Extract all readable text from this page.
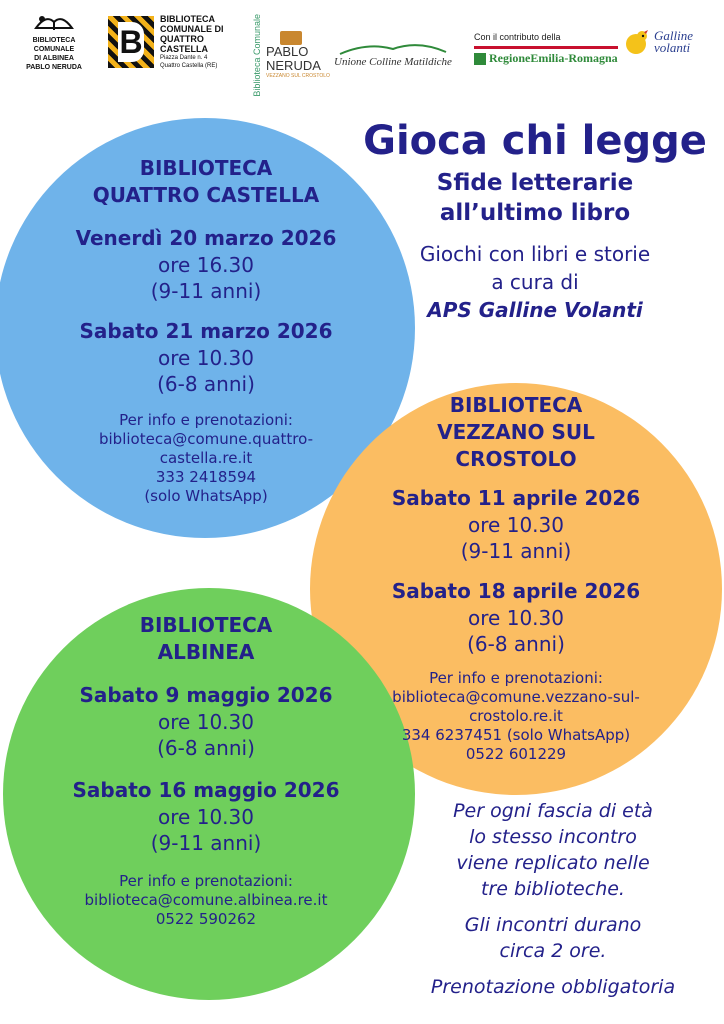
BIBLIOTECA COMUNALE
DI ALBINEA
PABLO NERUDA
B
BIBLIOTECA
COMUNALE DI
QUATTRO
CASTELLA
Piazza Dante n. 4
Quattro Castella (RE)	Biblioteca Comunale PABLO
NERUDA
VEZZANO SUL CROSTOLO
Unione Colline Matildiche
Con il contributo della
RegioneEmilia-Romagna
Galline
volanti
Gioca chi legge
Sfide letterarie
all’ultimo libro
Giochi con libri e storie
a cura di
APS Galline Volanti
BIBLIOTECA
QUATTRO CASTELLA
Venerdì 20 marzo 2026
ore 16.30
(9-11 anni)
Sabato 21 marzo 2026
ore 10.30
(6-8 anni)
Per info e prenotazioni:
biblioteca@comune.quattro-
castella.re.it
333 2418594
(solo WhatsApp)
BIBLIOTECA
VEZZANO SUL
CROSTOLO
Sabato 11 aprile 2026
ore 10.30
(9-11 anni)
Sabato 18 aprile 2026
ore 10.30
(6-8 anni)
Per info e prenotazioni:
biblioteca@comune.vezzano-sul-
crostolo.re.it
334 6237451 (solo WhatsApp)
0522 601229
BIBLIOTECA
ALBINEA
Sabato 9 maggio 2026
ore 10.30
(6-8 anni)
Sabato 16 maggio 2026
ore 10.30
(9-11 anni)
Per info e prenotazioni:
biblioteca@comune.albinea.re.it
0522 590262
Per ogni fascia di età
lo stesso incontro
viene replicato nelle
tre biblioteche.
Gli incontri durano
circa 2 ore.
Prenotazione obbligatoria
